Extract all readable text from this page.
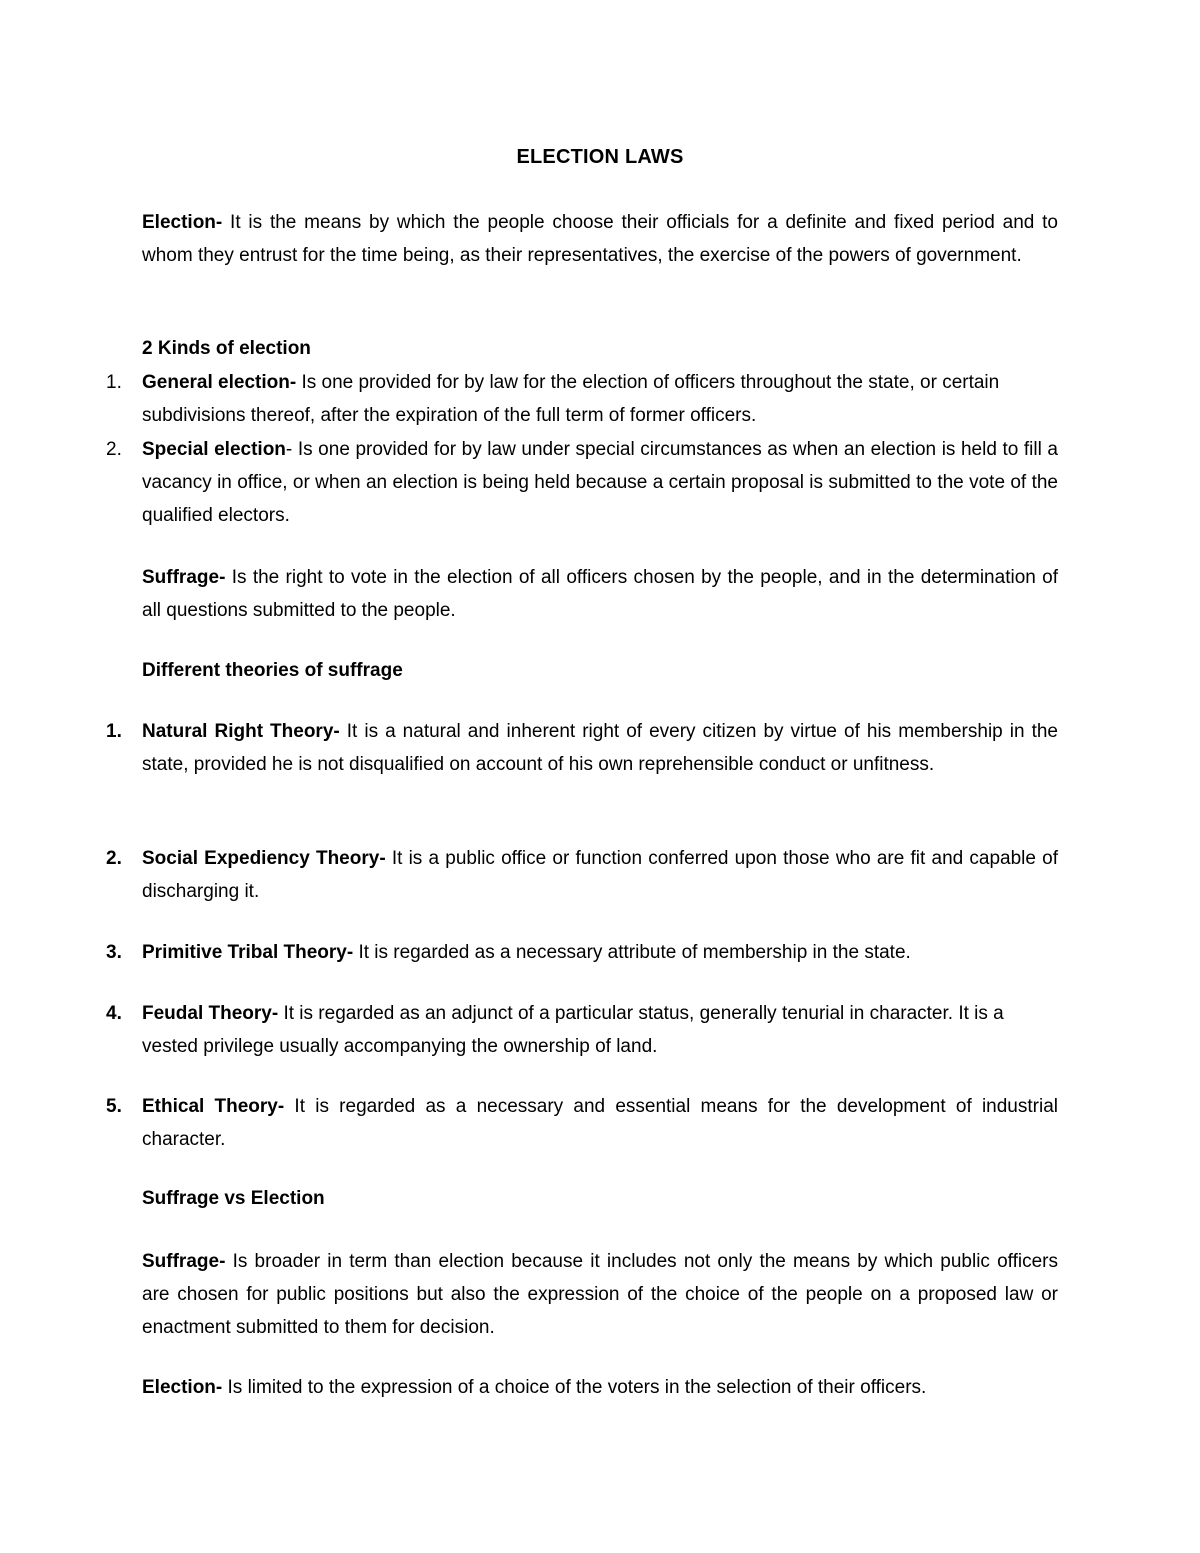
ELECTION LAWS
Election- It is the means by which the people choose their officials for a definite and fixed period and to whom they entrust for the time being, as their representatives, the exercise of the powers of government.
2 Kinds of election
1.	General election- Is one provided for by law for the election of officers throughout the state, or certain subdivisions thereof, after the expiration of the full term of former officers.
2.	Special election- Is one provided for by law under special circumstances as when an election is held to fill a vacancy in office, or when an election is being held because a certain proposal is submitted to the vote of the qualified electors.
Suffrage- Is the right to vote in the election of all officers chosen by the people, and in the determination of all questions submitted to the people.
Different theories of suffrage
1.	Natural Right Theory- It is a natural and inherent right of every citizen by virtue of his membership in the state, provided he is not disqualified on account of his own reprehensible conduct or unfitness.
2.	Social Expediency Theory- It is a public office or function conferred upon those who are fit and capable of discharging it.
3.	Primitive Tribal Theory- It is regarded as a necessary attribute of membership in the state.
4.	Feudal Theory- It is regarded as an adjunct of a particular status, generally tenurial in character. It is a vested privilege usually accompanying the ownership of land.
5.	Ethical Theory- It is regarded as a necessary and essential means for the development of industrial character.
Suffrage vs Election
Suffrage- Is broader in term than election because it includes not only the means by which public officers are chosen for public positions but also the expression of the choice of the people on a proposed law or enactment submitted to them for decision.
Election- Is limited to the expression of a choice of the voters in the selection of their officers.
